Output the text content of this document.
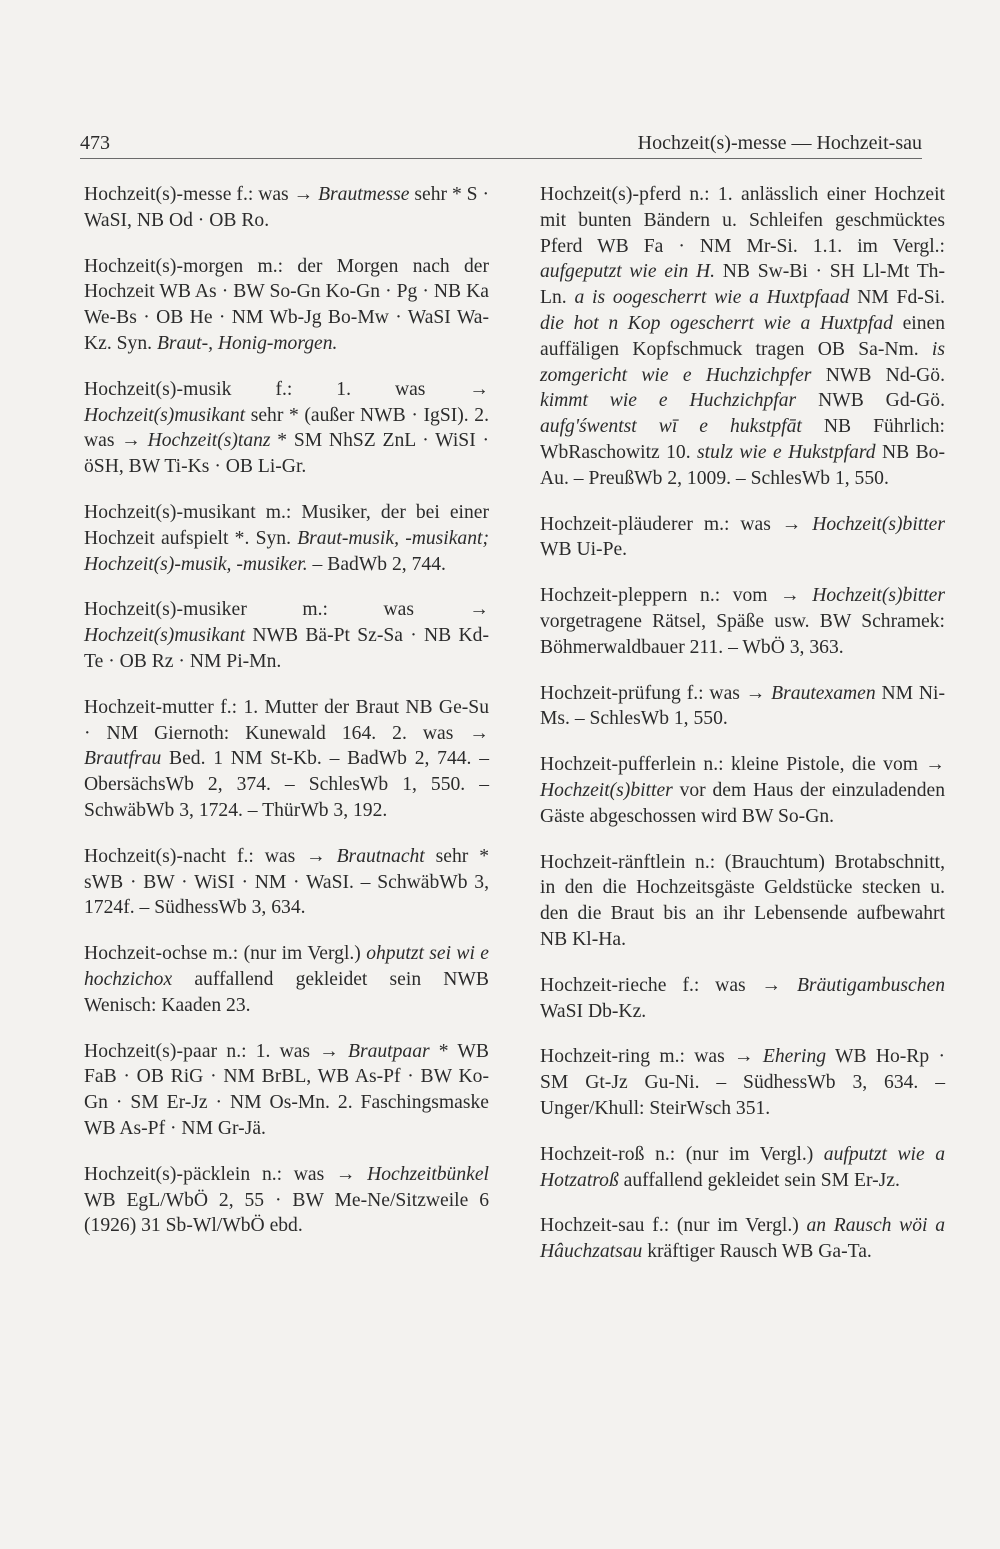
473	Hochzeit(s)-messe — Hochzeit-sau

Hochzeit(s)-messe f.: was → Brautmesse sehr * S · WaSI, NB Od · OB Ro.

Hochzeit(s)-morgen m.: der Morgen nach der Hochzeit WB As · BW So-Gn Ko-Gn · Pg · NB Ka We-Bs · OB He · NM Wb-Jg Bo-Mw · WaSI Wa-Kz. Syn. Braut-, Honig-morgen.

Hochzeit(s)-musik f.: 1. was → Hochzeit(s)musikant sehr * (außer NWB · IgSI). 2. was → Hochzeit(s)tanz * SM NhSZ ZnL · WiSI · öSH, BW Ti-Ks · OB Li-Gr.

Hochzeit(s)-musikant m.: Musiker, der bei einer Hochzeit aufspielt *. Syn. Braut-musik, -musikant; Hochzeit(s)-musik, -musiker. – BadWb 2, 744.

Hochzeit(s)-musiker m.: was → Hochzeit(s)musikant NWB Bä-Pt Sz-Sa · NB Kd-Te · OB Rz · NM Pi-Mn.

Hochzeit-mutter f.: 1. Mutter der Braut NB Ge-Su · NM Giernoth: Kunewald 164. 2. was → Brautfrau Bed. 1 NM St-Kb. – BadWb 2, 744. – ObersächsWb 2, 374. – SchlesWb 1, 550. – SchwäbWb 3, 1724. – ThürWb 3, 192.

Hochzeit(s)-nacht f.: was → Brautnacht sehr * sWB · BW · WiSI · NM · WaSI. – SchwäbWb 3, 1724f. – SüdhessWb 3, 634.

Hochzeit-ochse m.: (nur im Vergl.) ohputzt sei wi e hochzichox auffallend gekleidet sein NWB Wenisch: Kaaden 23.

Hochzeit(s)-paar n.: 1. was → Brautpaar * WB FaB · OB RiG · NM BrBL, WB As-Pf · BW Ko-Gn · SM Er-Jz · NM Os-Mn. 2. Faschingsmaske WB As-Pf · NM Gr-Jä.

Hochzeit(s)-päcklein n.: was → Hochzeitbünkel WB EgL/WbÖ 2, 55 · BW Me-Ne/Sitzweile 6 (1926) 31 Sb-Wl/WbÖ ebd.

Hochzeit(s)-pferd n.: 1. anlässlich einer Hochzeit mit bunten Bändern u. Schleifen geschmücktes Pferd WB Fa · NM Mr-Si. 1.1. im Vergl.: aufgeputzt wie ein H. NB Sw-Bi · SH Ll-Mt Th-Ln. a is oogescherrt wie a Huxtpfaad NM Fd-Si. die hot n Kop ogescherrt wie a Huxtpfad einen auffäligen Kopfschmuck tragen OB Sa-Nm. is zomgericht wie e Huchzichpfer NWB Nd-Gö. kimmt wie e Huchzichpfar NWB Gd-Gö. aufg'śwentst wī e hukstpfāt NB Führlich: WbRaschowitz 10. stulz wie e Hukstpfard NB Bo-Au. – PreußWb 2, 1009. – SchlesWb 1, 550.

Hochzeit-pläuderer m.: was → Hochzeit(s)bitter WB Ui-Pe.

Hochzeit-pleppern n.: vom → Hochzeit(s)bitter vorgetragene Rätsel, Späße usw. BW Schramek: Böhmerwaldbauer 211. – WbÖ 3, 363.

Hochzeit-prüfung f.: was → Brautexamen NM Ni-Ms. – SchlesWb 1, 550.

Hochzeit-pufferlein n.: kleine Pistole, die vom → Hochzeit(s)bitter vor dem Haus der einzuladenden Gäste abgeschossen wird BW So-Gn.

Hochzeit-ränftlein n.: (Brauchtum) Brotabschnitt, in den die Hochzeitsgäste Geldstücke stecken u. den die Braut bis an ihr Lebensende aufbewahrt NB Kl-Ha.

Hochzeit-rieche f.: was → Bräutigambuschen WaSI Db-Kz.

Hochzeit-ring m.: was → Ehering WB Ho-Rp · SM Gt-Jz Gu-Ni. – SüdhessWb 3, 634. – Unger/Khull: SteirWsch 351.

Hochzeit-roß n.: (nur im Vergl.) aufputzt wie a Hotzatroß auffallend gekleidet sein SM Er-Jz.

Hochzeit-sau f.: (nur im Vergl.) an Rausch wöi a Hâuchzatsau kräftiger Rausch WB Ga-Ta.
